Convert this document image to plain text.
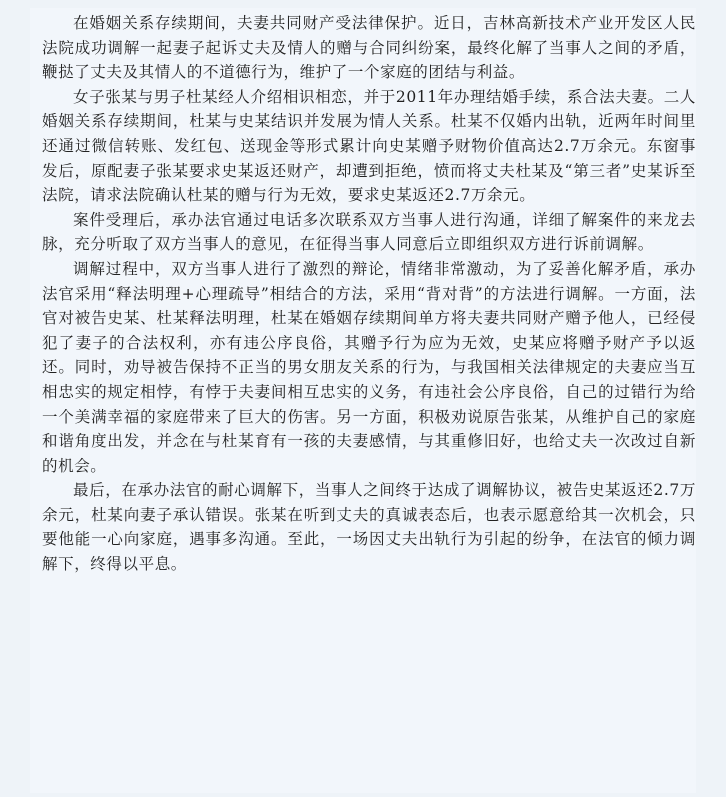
在婚姻关系存续期间，夫妻共同财产受法律保护。近日，吉林高新技术产业开发区人民法院成功调解一起妻子起诉丈夫及情人的赠与合同纠纷案，最终化解了当事人之间的矛盾，鞭挞了丈夫及其情人的不道德行为，维护了一个家庭的团结与利益。

女子张某与男子杜某经人介绍相识相恋，并于2011年办理结婚手续，系合法夫妻。二人婚姻关系存续期间，杜某与史某结识并发展为情人关系。杜某不仅婚内出轨，近两年时间里还通过微信转账、发红包、送现金等形式累计向史某赠予财物价值高达2.7万余元。东窗事发后，原配妻子张某要求史某返还财产，却遭到拒绝，愤而将丈夫杜某及“第三者”史某诉至法院，请求法院确认杜某的赠与行为无效，要求史某返还2.7万余元。

案件受理后，承办法官通过电话多次联系双方当事人进行沟通，详细了解案件的来龙去脉，充分听取了双方当事人的意见，在征得当事人同意后立即组织双方进行诉前调解。

调解过程中，双方当事人进行了激烈的辩论，情绪非常激动，为了妥善化解矛盾，承办法官采用“释法明理+心理疏导”相结合的方法，采用“背对背”的方法进行调解。一方面，法官对被告史某、杜某释法明理，杜某在婚姻存续期间单方将夫妻共同财产赠予他人，已经侵犯了妻子的合法权利，亦有违公序良俗，其赠予行为应为无效，史某应将赠予财产予以返还。同时，劝导被告保持不正当的男女朋友关系的行为，与我国相关法律规定的夫妻应当互相忠实的规定相悖，有悖于夫妻间相互忠实的义务，有违社会公序良俗，自己的过错行为给一个美满幸福的家庭带来了巨大的伤害。另一方面，积极劝说原告张某，从维护自己的家庭和谐角度出发，并念在与杜某育有一孩的夫妻感情，与其重修旧好，也给丈夫一次改过自新的机会。

最后，在承办法官的耐心调解下，当事人之间终于达成了调解协议，被告史某返还2.7万余元，杜某向妻子承认错误。张某在听到丈夫的真诚表态后，也表示愿意给其一次机会，只要他能一心向家庭，遇事多沟通。至此，一场因丈夫出轨行为引起的纷争，在法官的倾力调解下，终得以平息。
